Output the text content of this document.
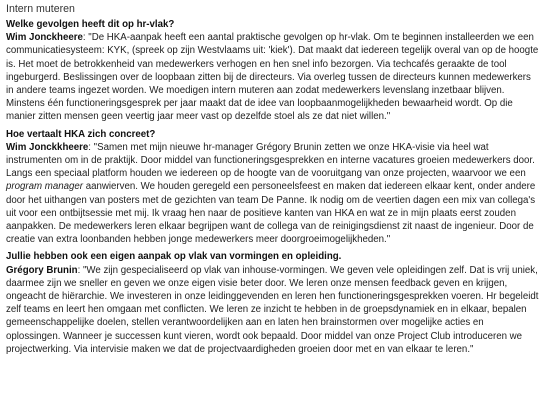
Intern muteren

Welke gevolgen heeft dit op hr-vlak?

Wim Jonckheere: "De HKA-aanpak heeft een aantal praktische gevolgen op hr-vlak. Om te beginnen installeerden we een communicatiesysteem: KYK, (spreek op zijn Westvlaams uit: 'kiek'). Dat maakt dat iedereen tegelijk overal van op de hoogte is. Het moet de betrokkenheid van medewerkers verhogen en hen snel info bezorgen. Via techcafés geraakte de tool ingeburgerd. Beslissingen over de loopbaan zitten bij de directeurs. Via overleg tussen de directeurs kunnen medewerkers in andere teams ingezet worden. We moedigen intern muteren aan zodat medewerkers levenslang inzetbaar blijven. Minstens één functioneringsgesprek per jaar maakt dat de idee van loopbaanmogelijkheden bewaarheid wordt. Op die manier zitten mensen geen veertig jaar meer vast op dezelfde stoel als ze dat niet willen."

Hoe vertaalt HKA zich concreet?

Wim Jonckkheere: "Samen met mijn nieuwe hr-manager Grégory Brunin zetten we onze HKA-visie via heel wat instrumenten om in de praktijk. Door middel van functioneringsgesprekken en interne vacatures groeien medewerkers door. Langs een speciaal platform houden we iedereen op de hoogte van de vooruitgang van onze projecten, waarvoor we een program manager aanwierven. We houden geregeld een personeelsfeest en maken dat iedereen elkaar kent, onder andere door het uithangen van posters met de gezichten van team De Panne. Ik nodig om de veertien dagen een mix van collega's uit voor een ontbijtsessie met mij. Ik vraag hen naar de positieve kanten van HKA en wat ze in mijn plaats eerst zouden aanpakken. De medewerkers leren elkaar begrijpen want de collega van de reinigingsdienst zit naast de ingenieur. Door de creatie van extra loonbanden hebben jonge medewerkers meer doorgroeimogelijkheden."

Jullie hebben ook een eigen aanpak op vlak van vormingen en opleiding.

Grégory Brunin: "We zijn gespecialiseerd op vlak van inhouse-vormingen. We geven vele opleidingen zelf. Dat is vrij uniek, daarmee zijn we sneller en geven we onze eigen visie beter door. We leren onze mensen feedback geven en krijgen, ongeacht de hiërarchie. We investeren in onze leidinggevenden en leren hen functioneringsgesprekken voeren. Hr begeleidt zelf teams en leert hen omgaan met conflicten. We leren ze inzicht te hebben in de groepsdynamiek en in elkaar, bepalen gemeenschappelijke doelen, stellen verantwoordelijken aan en laten hen brainstormen over mogelijke acties en oplossingen. Wanneer je successen kunt vieren, wordt ook bepaald. Door middel van onze Project Club introduceren we projectwerking. Via intervisie maken we dat de projectvaardigheden groeien door met en van elkaar te leren."
